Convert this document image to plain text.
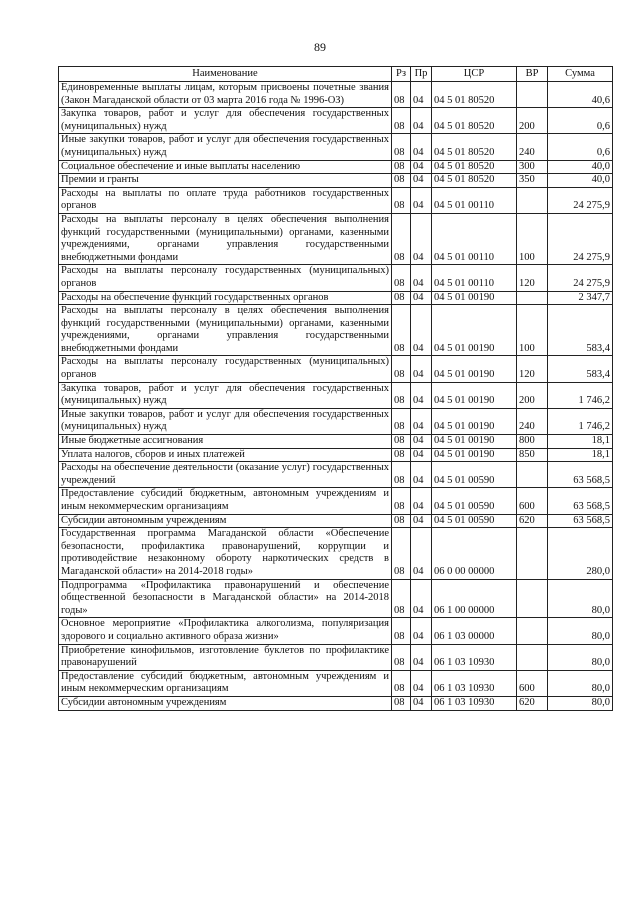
89
Наименование	Рз	Пр	ЦСР	ВР	Сумма
Единовременные выплаты лицам, которым присвоены почетные звания (Закон Магаданской области от 03 марта 2016 года № 1996-ОЗ)	08	04	04 5 01 80520		40,6
Закупка товаров, работ и услуг для обеспечения государственных (муниципальных) нужд	08	04	04 5 01 80520	200	0,6
Иные закупки товаров, работ и услуг для обеспечения государственных (муниципальных) нужд	08	04	04 5 01 80520	240	0,6
Социальное обеспечение и иные выплаты населению	08	04	04 5 01 80520	300	40,0
Премии и гранты	08	04	04 5 01 80520	350	40,0
Расходы на выплаты по оплате труда работников государственных органов	08	04	04 5 01 00110		24 275,9
Расходы на выплаты персоналу в целях обеспечения выполнения функций государственными (муниципальными) органами, казенными учреждениями, органами управления государственными внебюджетными фондами	08	04	04 5 01 00110	100	24 275,9
Расходы на выплаты персоналу государственных (муниципальных) органов	08	04	04 5 01 00110	120	24 275,9
Расходы на обеспечение функций государственных органов	08	04	04 5 01 00190		2 347,7
Расходы на выплаты персоналу в целях обеспечения выполнения функций государственными (муниципальными) органами, казенными учреждениями, органами управления государственными внебюджетными фондами	08	04	04 5 01 00190	100	583,4
Расходы на выплаты персоналу государственных (муниципальных) органов	08	04	04 5 01 00190	120	583,4
Закупка товаров, работ и услуг для обеспечения государственных (муниципальных) нужд	08	04	04 5 01 00190	200	1 746,2
Иные закупки товаров, работ и услуг для обеспечения государственных (муниципальных) нужд	08	04	04 5 01 00190	240	1 746,2
Иные бюджетные ассигнования	08	04	04 5 01 00190	800	18,1
Уплата налогов, сборов и иных платежей	08	04	04 5 01 00190	850	18,1
Расходы на обеспечение деятельности (оказание услуг) государственных учреждений	08	04	04 5 01 00590		63 568,5
Предоставление субсидий бюджетным, автономным учреждениям и иным некоммерческим организациям	08	04	04 5 01 00590	600	63 568,5
Субсидии автономным учреждениям	08	04	04 5 01 00590	620	63 568,5
Государственная программа Магаданской области «Обеспечение безопасности, профилактика правонарушений, коррупции и противодействие незаконному обороту наркотических средств в Магаданской области» на 2014-2018 годы»	08	04	06 0 00 00000		280,0
Подпрограмма «Профилактика правонарушений и обеспечение общественной безопасности в Магаданской области» на 2014-2018 годы»	08	04	06 1 00 00000		80,0
Основное мероприятие «Профилактика алкоголизма, популяризация здорового и социально активного образа жизни»	08	04	06 1 03 00000		80,0
Приобретение кинофильмов, изготовление буклетов по профилактике правонарушений	08	04	06 1 03 10930		80,0
Предоставление субсидий бюджетным, автономным учреждениям и иным некоммерческим организациям	08	04	06 1 03 10930	600	80,0
Субсидии автономным учреждениям	08	04	06 1 03 10930	620	80,0
